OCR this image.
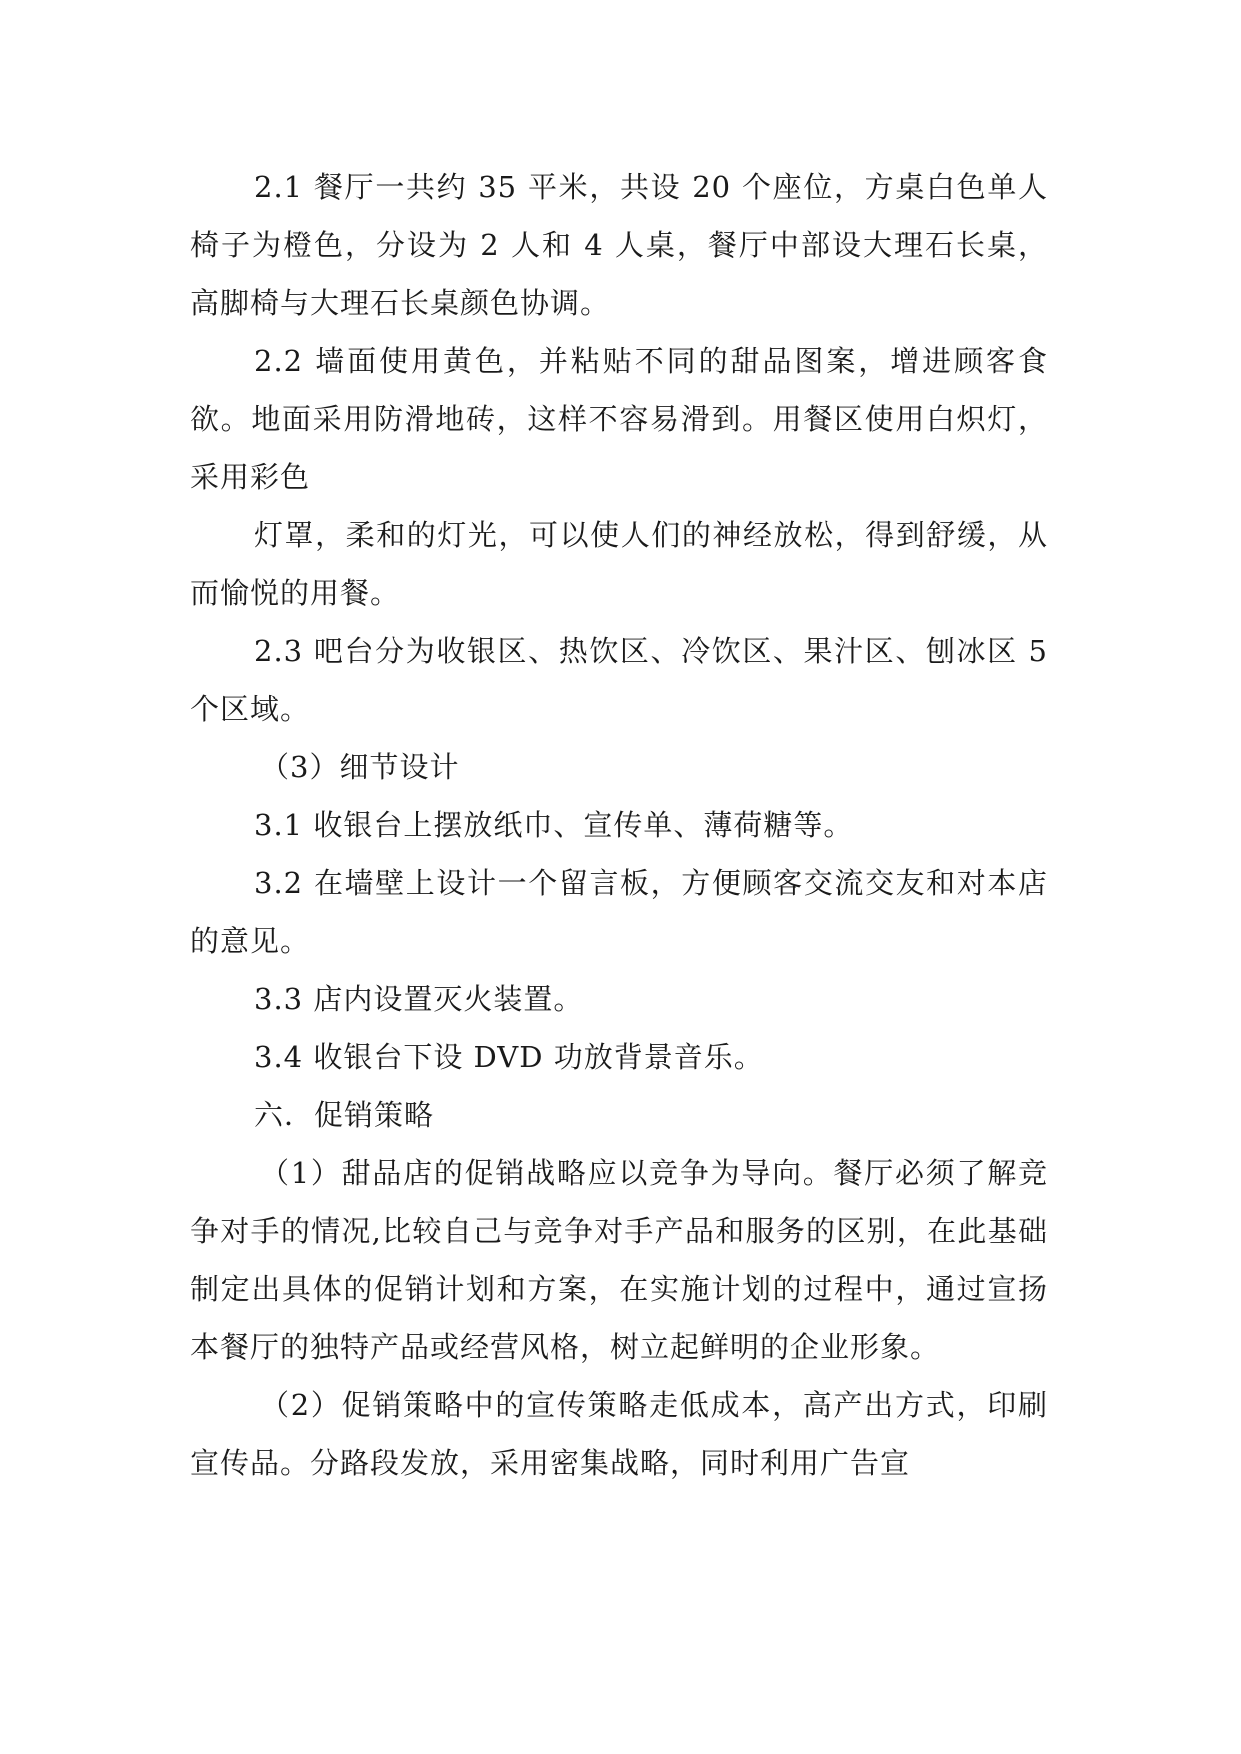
2.1 餐厅一共约 35 平米，共设 20 个座位，方桌白色单人椅子为橙色，分设为 2 人和 4 人桌，餐厅中部设大理石长桌，高脚椅与大理石长桌颜色协调。

2.2 墙面使用黄色，并粘贴不同的甜品图案，增进顾客食欲。地面采用防滑地砖，这样不容易滑到。用餐区使用白炽灯，采用彩色

灯罩，柔和的灯光，可以使人们的神经放松，得到舒缓，从而愉悦的用餐。

2.3 吧台分为收银区、热饮区、冷饮区、果汁区、刨冰区 5 个区域。

（3）细节设计

3.1 收银台上摆放纸巾、宣传单、薄荷糖等。

3.2 在墙壁上设计一个留言板，方便顾客交流交友和对本店的意见。

3.3 店内设置灭火装置。

3.4 收银台下设 DVD 功放背景音乐。

六．促销策略

（1）甜品店的促销战略应以竞争为导向。餐厅必须了解竞争对手的情况,比较自己与竞争对手产品和服务的区别，在此基础制定出具体的促销计划和方案，在实施计划的过程中，通过宣扬本餐厅的独特产品或经营风格，树立起鲜明的企业形象。

（2）促销策略中的宣传策略走低成本，高产出方式，印刷宣传品。分路段发放，采用密集战略，同时利用广告宣
